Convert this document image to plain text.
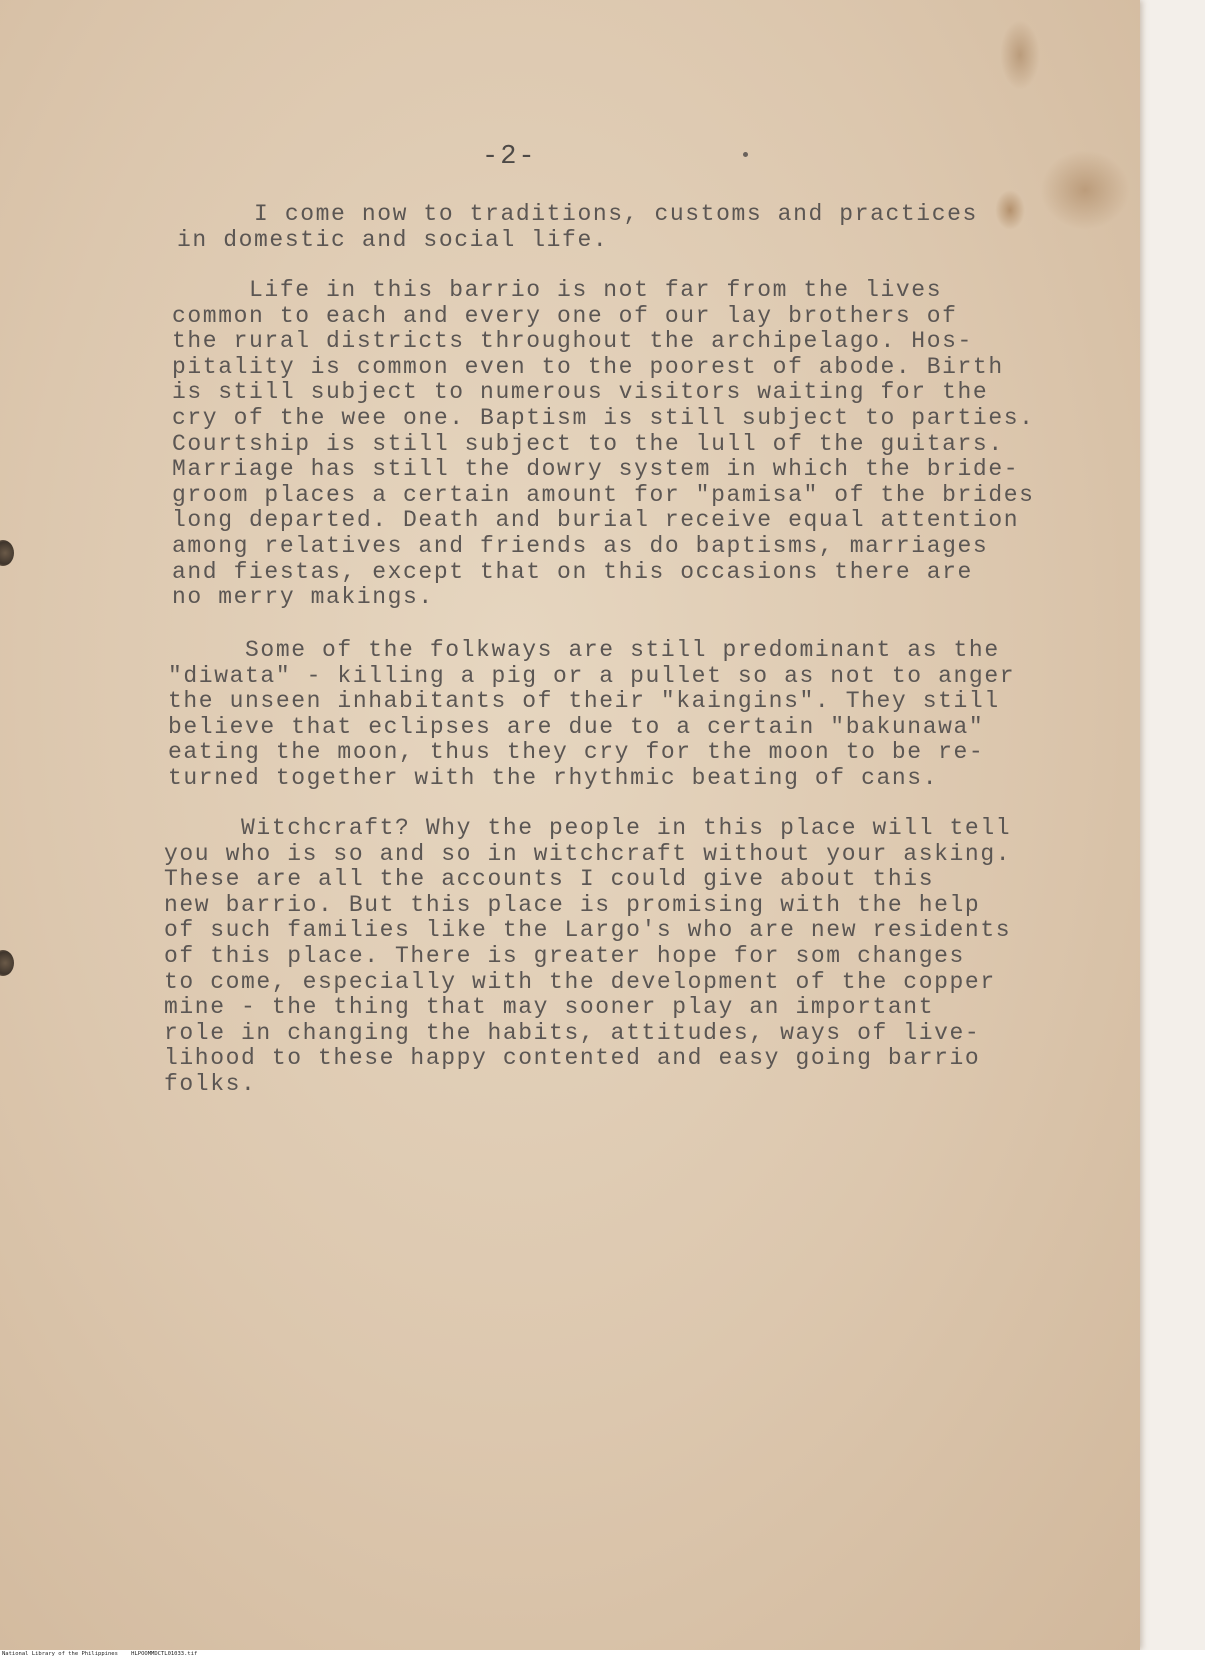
-2-
I come now to traditions, customs and practices
in domestic and social life.
Life in this barrio is not far from the lives
common to each and every one of our lay brothers of
the rural districts throughout the archipelago. Hos-
pitality is common even to the poorest of abode. Birth
is still subject to numerous visitors waiting for the
cry of the wee one. Baptism is still subject to parties.
Courtship is still subject to the lull of the guitars.
Marriage has still the dowry system in which the bride-
groom places a certain amount for "pamisa" of the brides
long departed. Death and burial receive equal attention
among relatives and friends as do baptisms, marriages
and fiestas, except that on this occasions there are
no merry makings.
Some of the folkways are still predominant as the
"diwata" - killing a pig or a pullet so as not to anger
the unseen inhabitants of their "kaingins". They still
believe that eclipses are due to a certain "bakunawa"
eating the moon, thus they cry for the moon to be re-
turned together with the rhythmic beating of cans.
Witchcraft? Why the people in this place will tell
you who is so and so in witchcraft without your asking.
These are all the accounts I could give about this
new barrio. But this place is promising with the help
of such families like the Largo's who are new residents
of this place. There is greater hope for som changes
to come, especially with the development of the copper
mine - the thing that may sooner play an important
role in changing the habits, attitudes, ways of live-
lihood to these happy contented and easy going barrio
folks.
National Library of the Philippines    HLPOOMMDCTL01033.tif
